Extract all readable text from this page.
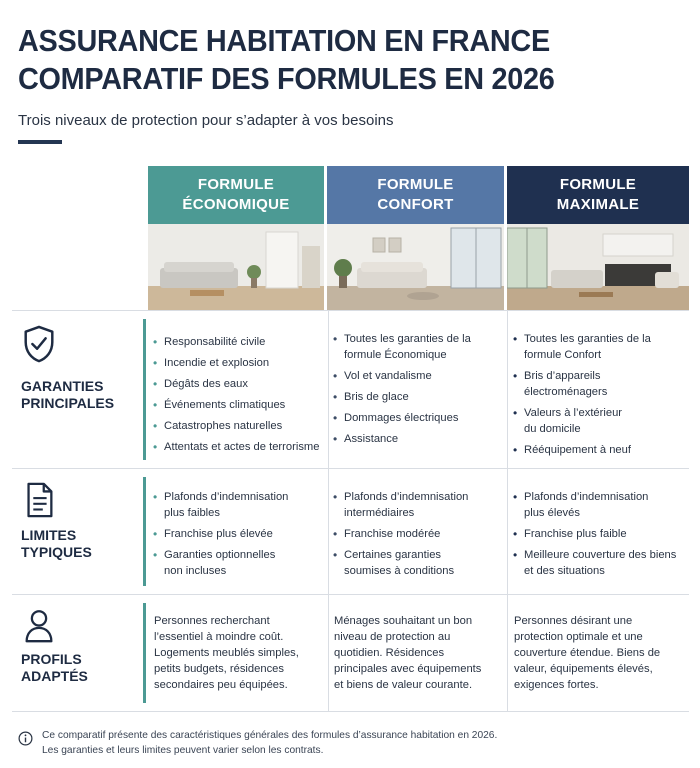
ASSURANCE HABITATION EN FRANCE
COMPARATIF DES FORMULES EN 2026
Trois niveaux de protection pour s’adapter à vos besoins
FORMULE
ÉCONOMIQUE
FORMULE
CONFORT
FORMULE
MAXIMALE
GARANTIES
PRINCIPALES
• Responsabilité civile
• Incendie et explosion
• Dégâts des eaux
• Événements climatiques
• Catastrophes naturelles
• Attentats et actes de terrorisme
• Toutes les garanties de la formule Économique
• Vol et vandalisme
• Bris de glace
• Dommages électriques
• Assistance
• Toutes les garanties de la formule Confort
• Bris d’appareils électroménagers
• Valeurs à l’extérieur du domicile
• Rééquipement à neuf
LIMITES
TYPIQUES
• Plafonds d’indemnisation plus faibles
• Franchise plus élevée
• Garanties optionnelles non incluses
• Plafonds d’indemnisation intermédiaires
• Franchise modérée
• Certaines garanties soumises à conditions
• Plafonds d’indemnisation plus élevés
• Franchise plus faible
• Meilleure couverture des biens et des situations
PROFILS
ADAPTÉS
Personnes recherchant l’essentiel à moindre coût. Logements meublés simples, petits budgets, résidences secondaires peu équipées.
Ménages souhaitant un bon niveau de protection au quotidien. Résidences principales avec équipements et biens de valeur courante.
Personnes désirant une protection optimale et une couverture étendue. Biens de valeur, équipements élevés, exigences fortes.
Ce comparatif présente des caractéristiques générales des formules d’assurance habitation en 2026.
Les garanties et leurs limites peuvent varier selon les contrats.
